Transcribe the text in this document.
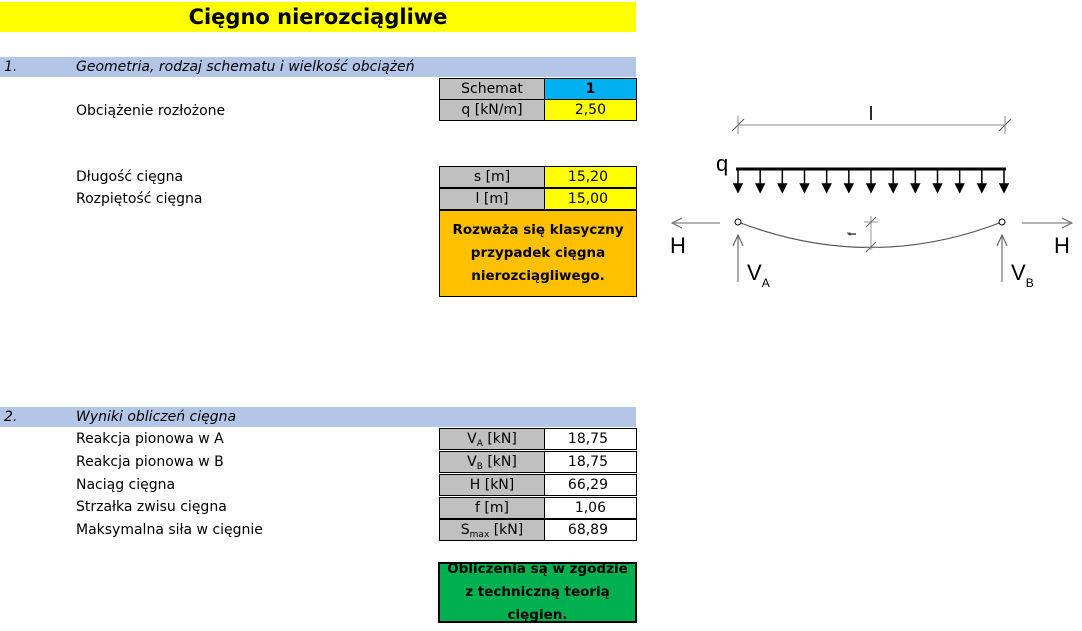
Cięgno nierozciągliwe
1.	Geometria, rodzaj schematu i wielkość obciążeń
Schemat	1
Obciążenie rozłożone	q [kN/m]	2,50
Długość cięgna	s [m]	15,20
Rozpiętość cięgna	l [m]	15,00
Rozważa się klasyczny przypadek cięgna nierozciągliwego.
2.	Wyniki obliczeń cięgna
Reakcja pionowa w A	$V_A$ [kN]	18,75
Reakcja pionowa w B	$V_B$ [kN]	18,75
Naciąg cięgna	H [kN]	66,29
Strzałka zwisu cięgna	f [m]	1,06
Maksymalna siła w cięgnie	$S_{max}$ [kN]	68,89
Obliczenia są w zgodzie z techniczną teorią cięgien.
l
q
f
H	H
$V_A$	$V_B$
